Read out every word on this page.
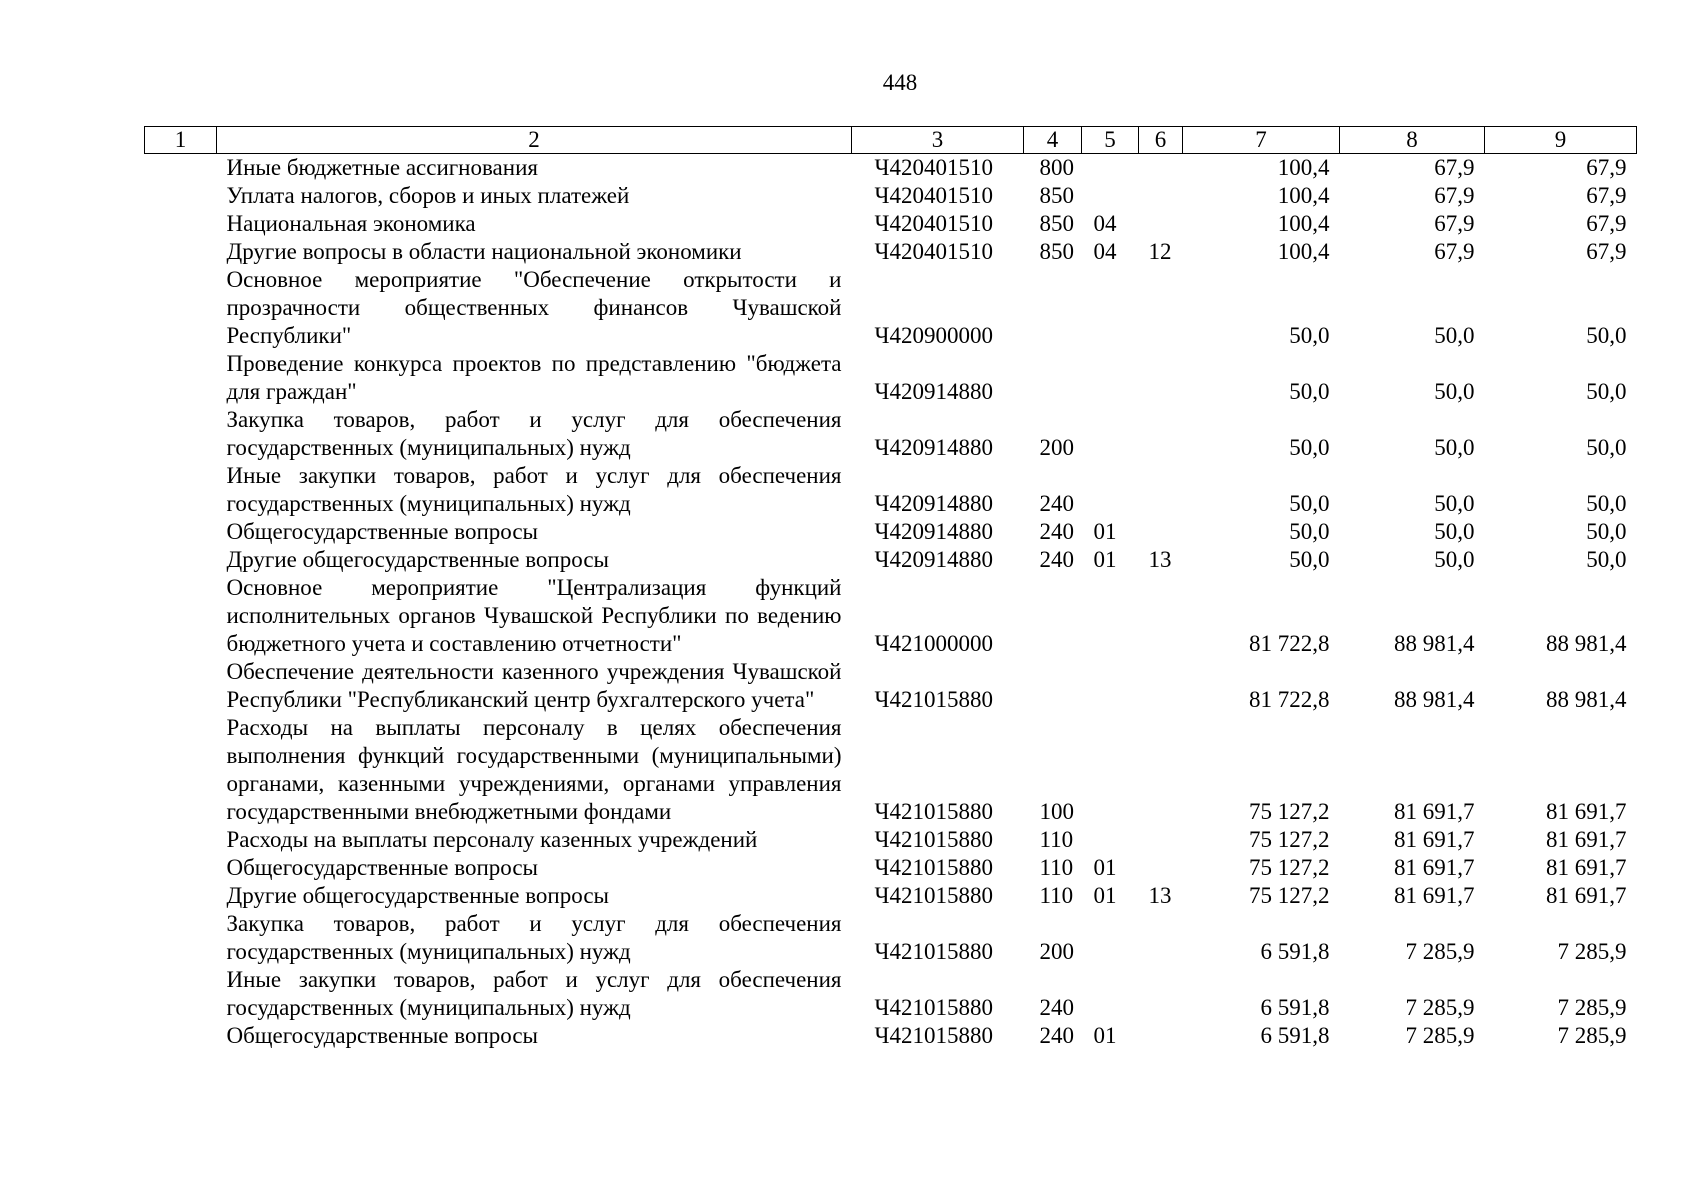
448
1	2	3	4	5	6	7	8	9
	Иные бюджетные ассигнования	Ч420401510	800			100,4	67,9	67,9
	Уплата налогов, сборов и иных платежей	Ч420401510	850			100,4	67,9	67,9
	Национальная экономика	Ч420401510	850	04		100,4	67,9	67,9
	Другие вопросы в области национальной экономики	Ч420401510	850	04	12	100,4	67,9	67,9
	Основное мероприятие "Обеспечение открытости и прозрачности общественных финансов Чувашской Республики"	Ч420900000				50,0	50,0	50,0
	Проведение конкурса проектов по представлению "бюджета для граждан"	Ч420914880				50,0	50,0	50,0
	Закупка товаров, работ и услуг для обеспечения государственных (муниципальных) нужд	Ч420914880	200			50,0	50,0	50,0
	Иные закупки товаров, работ и услуг для обеспечения государственных (муниципальных) нужд	Ч420914880	240			50,0	50,0	50,0
	Общегосударственные вопросы	Ч420914880	240	01		50,0	50,0	50,0
	Другие общегосударственные вопросы	Ч420914880	240	01	13	50,0	50,0	50,0
	Основное мероприятие "Централизация функций исполнительных органов Чувашской Республики по ведению бюджетного учета и составлению отчетности"	Ч421000000				81 722,8	88 981,4	88 981,4
	Обеспечение деятельности казенного учреждения Чувашской Республики "Республиканский центр бухгалтерского учета"	Ч421015880				81 722,8	88 981,4	88 981,4
	Расходы на выплаты персоналу в целях обеспечения выполнения функций государственными (муниципальными) органами, казенными учреждениями, органами управления государственными внебюджетными фондами	Ч421015880	100			75 127,2	81 691,7	81 691,7
	Расходы на выплаты персоналу казенных учреждений	Ч421015880	110			75 127,2	81 691,7	81 691,7
	Общегосударственные вопросы	Ч421015880	110	01		75 127,2	81 691,7	81 691,7
	Другие общегосударственные вопросы	Ч421015880	110	01	13	75 127,2	81 691,7	81 691,7
	Закупка товаров, работ и услуг для обеспечения государственных (муниципальных) нужд	Ч421015880	200			6 591,8	7 285,9	7 285,9
	Иные закупки товаров, работ и услуг для обеспечения государственных (муниципальных) нужд	Ч421015880	240			6 591,8	7 285,9	7 285,9
	Общегосударственные вопросы	Ч421015880	240	01		6 591,8	7 285,9	7 285,9
